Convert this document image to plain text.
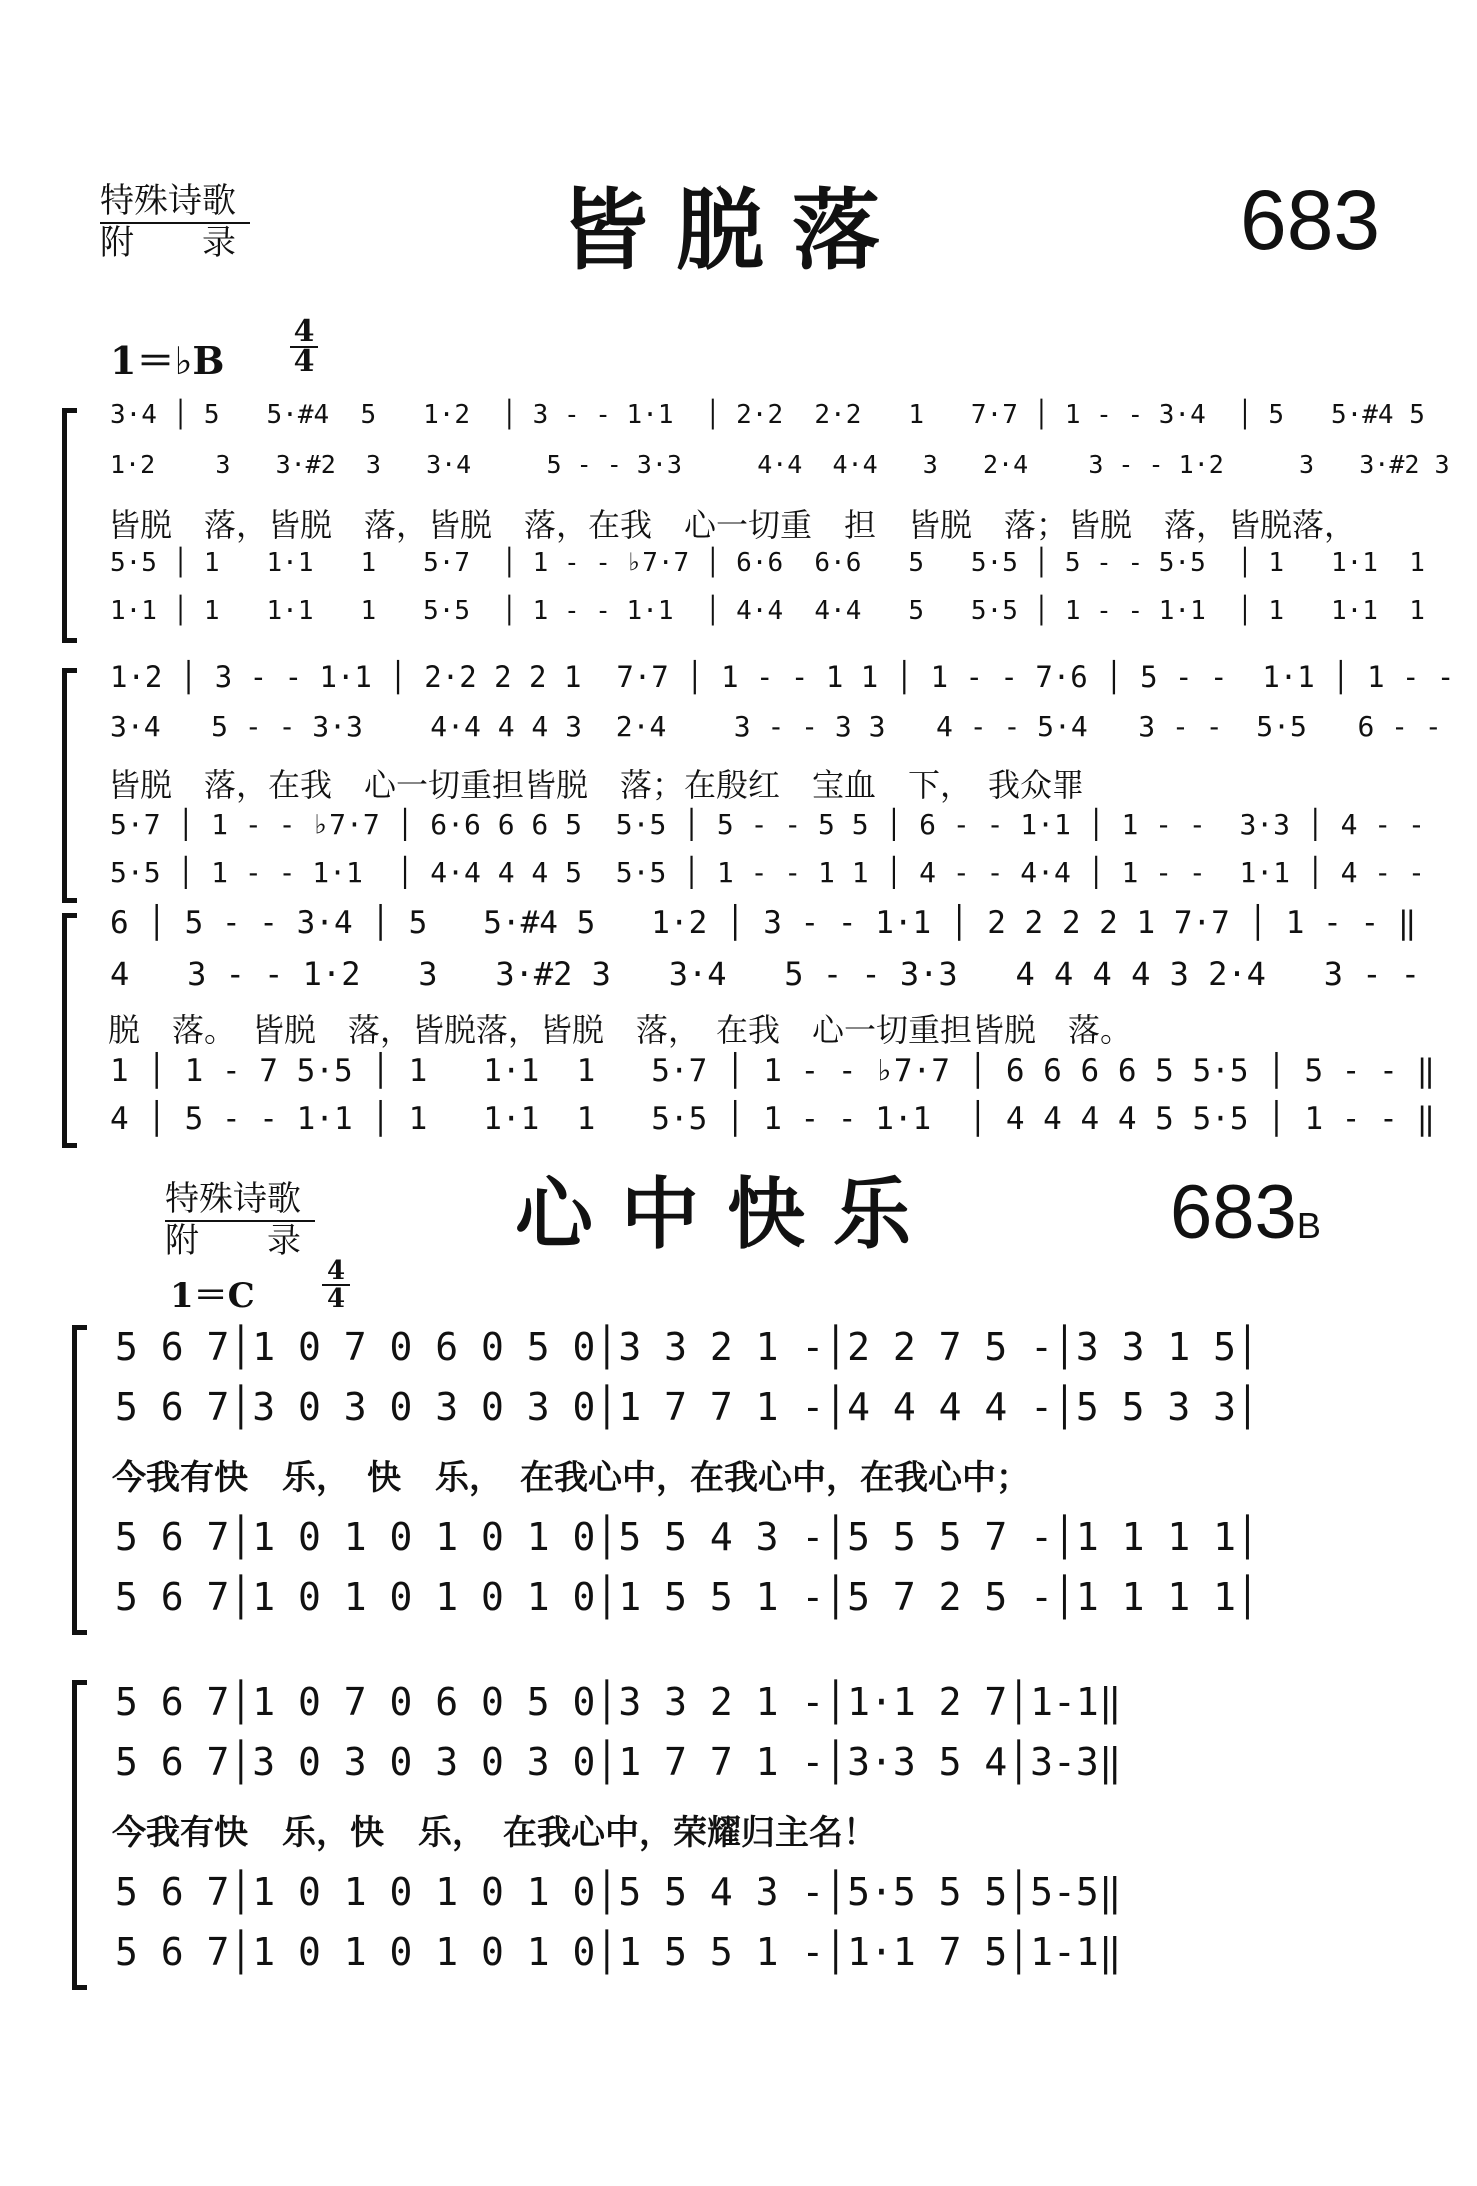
特殊诗歌
附　　录	皆脱落	683
1＝♭B
4
4
3·4 │ 5   5·#4  5   1·2  │ 3 - - 1·1  │ 2·2  2·2   1   7·7 │ 1 - - 3·4  │ 5   5·#4 5
1·2    3   3·#2  3   3·4     5 - - 3·3     4·4  4·4   3   2·4    3 - - 1·2     3   3·#2 3
皆脱　落，皆脱　落，皆脱　落，在我　心一切重　担　皆脱　落；皆脱　落，皆脱落，
5·5 │ 1   1·1   1   5·7  │ 1 - - ♭7·7 │ 6·6  6·6   5   5·5 │ 5 - - 5·5  │ 1   1·1  1
1·1 │ 1   1·1   1   5·5  │ 1 - - 1·1  │ 4·4  4·4   5   5·5 │ 1 - - 1·1  │ 1   1·1  1
1·2 │ 3 - - 1·1 │ 2·2 2 2 1  7·7 │ 1 - - 1 1 │ 1 - - 7·6 │ 5 - -  1·1 │ 1 - -
3·4   5 - - 3·3    4·4 4 4 3  2·4    3 - - 3 3   4 - - 5·4   3 - -  5·5   6 - -
皆脱　落，在我　心一切重担皆脱　落；在殷红　宝血　下，　我众罪
5·7 │ 1 - - ♭7·7 │ 6·6 6 6 5  5·5 │ 5 - - 5 5 │ 6 - - 1·1 │ 1 - -  3·3 │ 4 - -
5·5 │ 1 - - 1·1  │ 4·4 4 4 5  5·5 │ 1 - - 1 1 │ 4 - - 4·4 │ 1 - -  1·1 │ 4 - -
6 │ 5 - - 3·4 │ 5   5·#4 5   1·2 │ 3 - - 1·1 │ 2 2 2 2 1 7·7 │ 1 - - ‖
4   3 - - 1·2   3   3·#2 3   3·4   5 - - 3·3   4 4 4 4 3 2·4   3 - -
脱　落。　皆脱　落，皆脱落，皆脱　落，　在我　心一切重担皆脱　落。
1 │ 1 - 7 5·5 │ 1   1·1  1   5·7 │ 1 - - ♭7·7 │ 6 6 6 6 5 5·5 │ 5 - - ‖
4 │ 5 - - 1·1 │ 1   1·1  1   5·5 │ 1 - - 1·1  │ 4 4 4 4 5 5·5 │ 1 - - ‖
特殊诗歌
附　　录	心中快乐	683B
1＝C
4
4
5 6 7│1 0 7 0 6 0 5 0│3 3 2 1 -│2 2 7 5 -│3 3 1 5│
5 6 7│3 0 3 0 3 0 3 0│1 7 7 1 -│4 4 4 4 -│5 5 3 3│
今我有快　乐，　快　乐，　在我心中，在我心中，在我心中；
5 6 7│1 0 1 0 1 0 1 0│5 5 4 3 -│5 5 5 7 -│1 1 1 1│
5 6 7│1 0 1 0 1 0 1 0│1 5 5 1 -│5 7 2 5 -│1 1 1 1│
5 6 7│1 0 7 0 6 0 5 0│3 3 2 1 -│1·1 2 7│1-1‖
5 6 7│3 0 3 0 3 0 3 0│1 7 7 1 -│3·3 5 4│3-3‖
今我有快　乐，快　乐，　在我心中，荣耀归主名！
5 6 7│1 0 1 0 1 0 1 0│5 5 4 3 -│5·5 5 5│5-5‖
5 6 7│1 0 1 0 1 0 1 0│1 5 5 1 -│1·1 7 5│1-1‖
